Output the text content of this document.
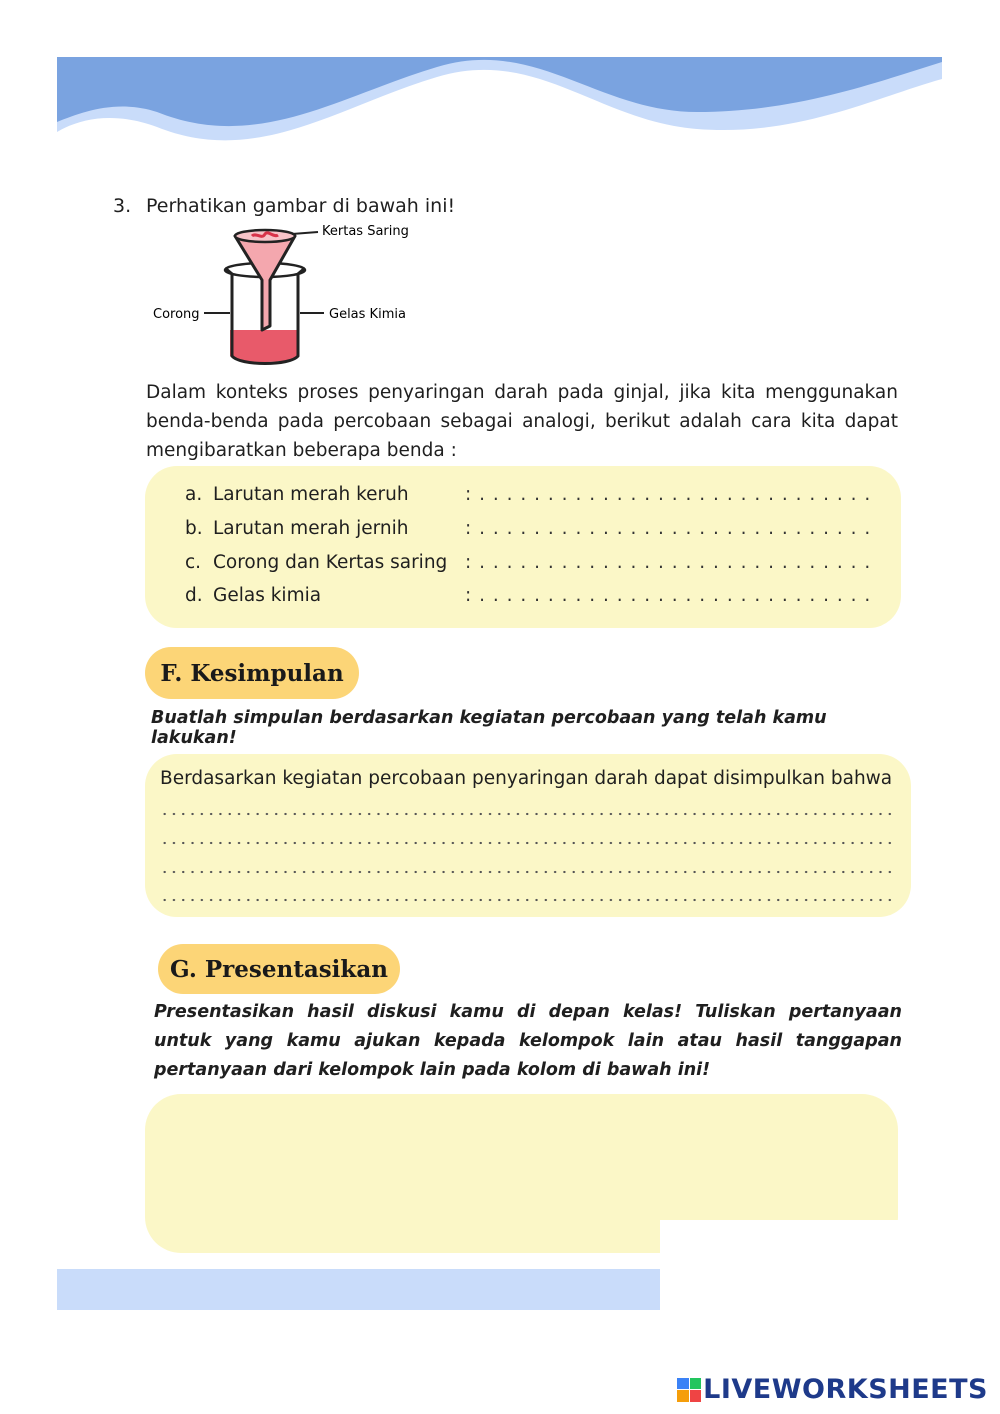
3. Perhatikan gambar di bawah ini!
Kertas Saring
Corong	Gelas Kimia
Dalam konteks proses penyaringan darah pada ginjal, jika kita menggunakan benda-benda pada percobaan sebagai analogi, berikut adalah cara kita dapat mengibaratkan beberapa benda :
a. Larutan merah keruh	: . . . . . . . . . . . . . . . . . . . . . . . . . . . . .
b. Larutan merah jernih	: . . . . . . . . . . . . . . . . . . . . . . . . . . . . .
c. Corong dan Kertas saring : . . . . . . . . . . . . . . . . . . . . . . . . . . . . .
d. Gelas kimia	: . . . . . . . . . . . . . . . . . . . . . . . . . . . . .
F. Kesimpulan
Buatlah simpulan berdasarkan kegiatan percobaan yang telah kamu lakukan!
Berdasarkan kegiatan percobaan penyaringan darah dapat disimpulkan bahwa
G. Presentasikan
Presentasikan hasil diskusi kamu di depan kelas! Tuliskan pertanyaan untuk yang kamu ajukan kepada kelompok lain atau hasil tanggapan pertanyaan dari kelompok lain pada kolom di bawah ini!
LIVEWORKSHEETS
